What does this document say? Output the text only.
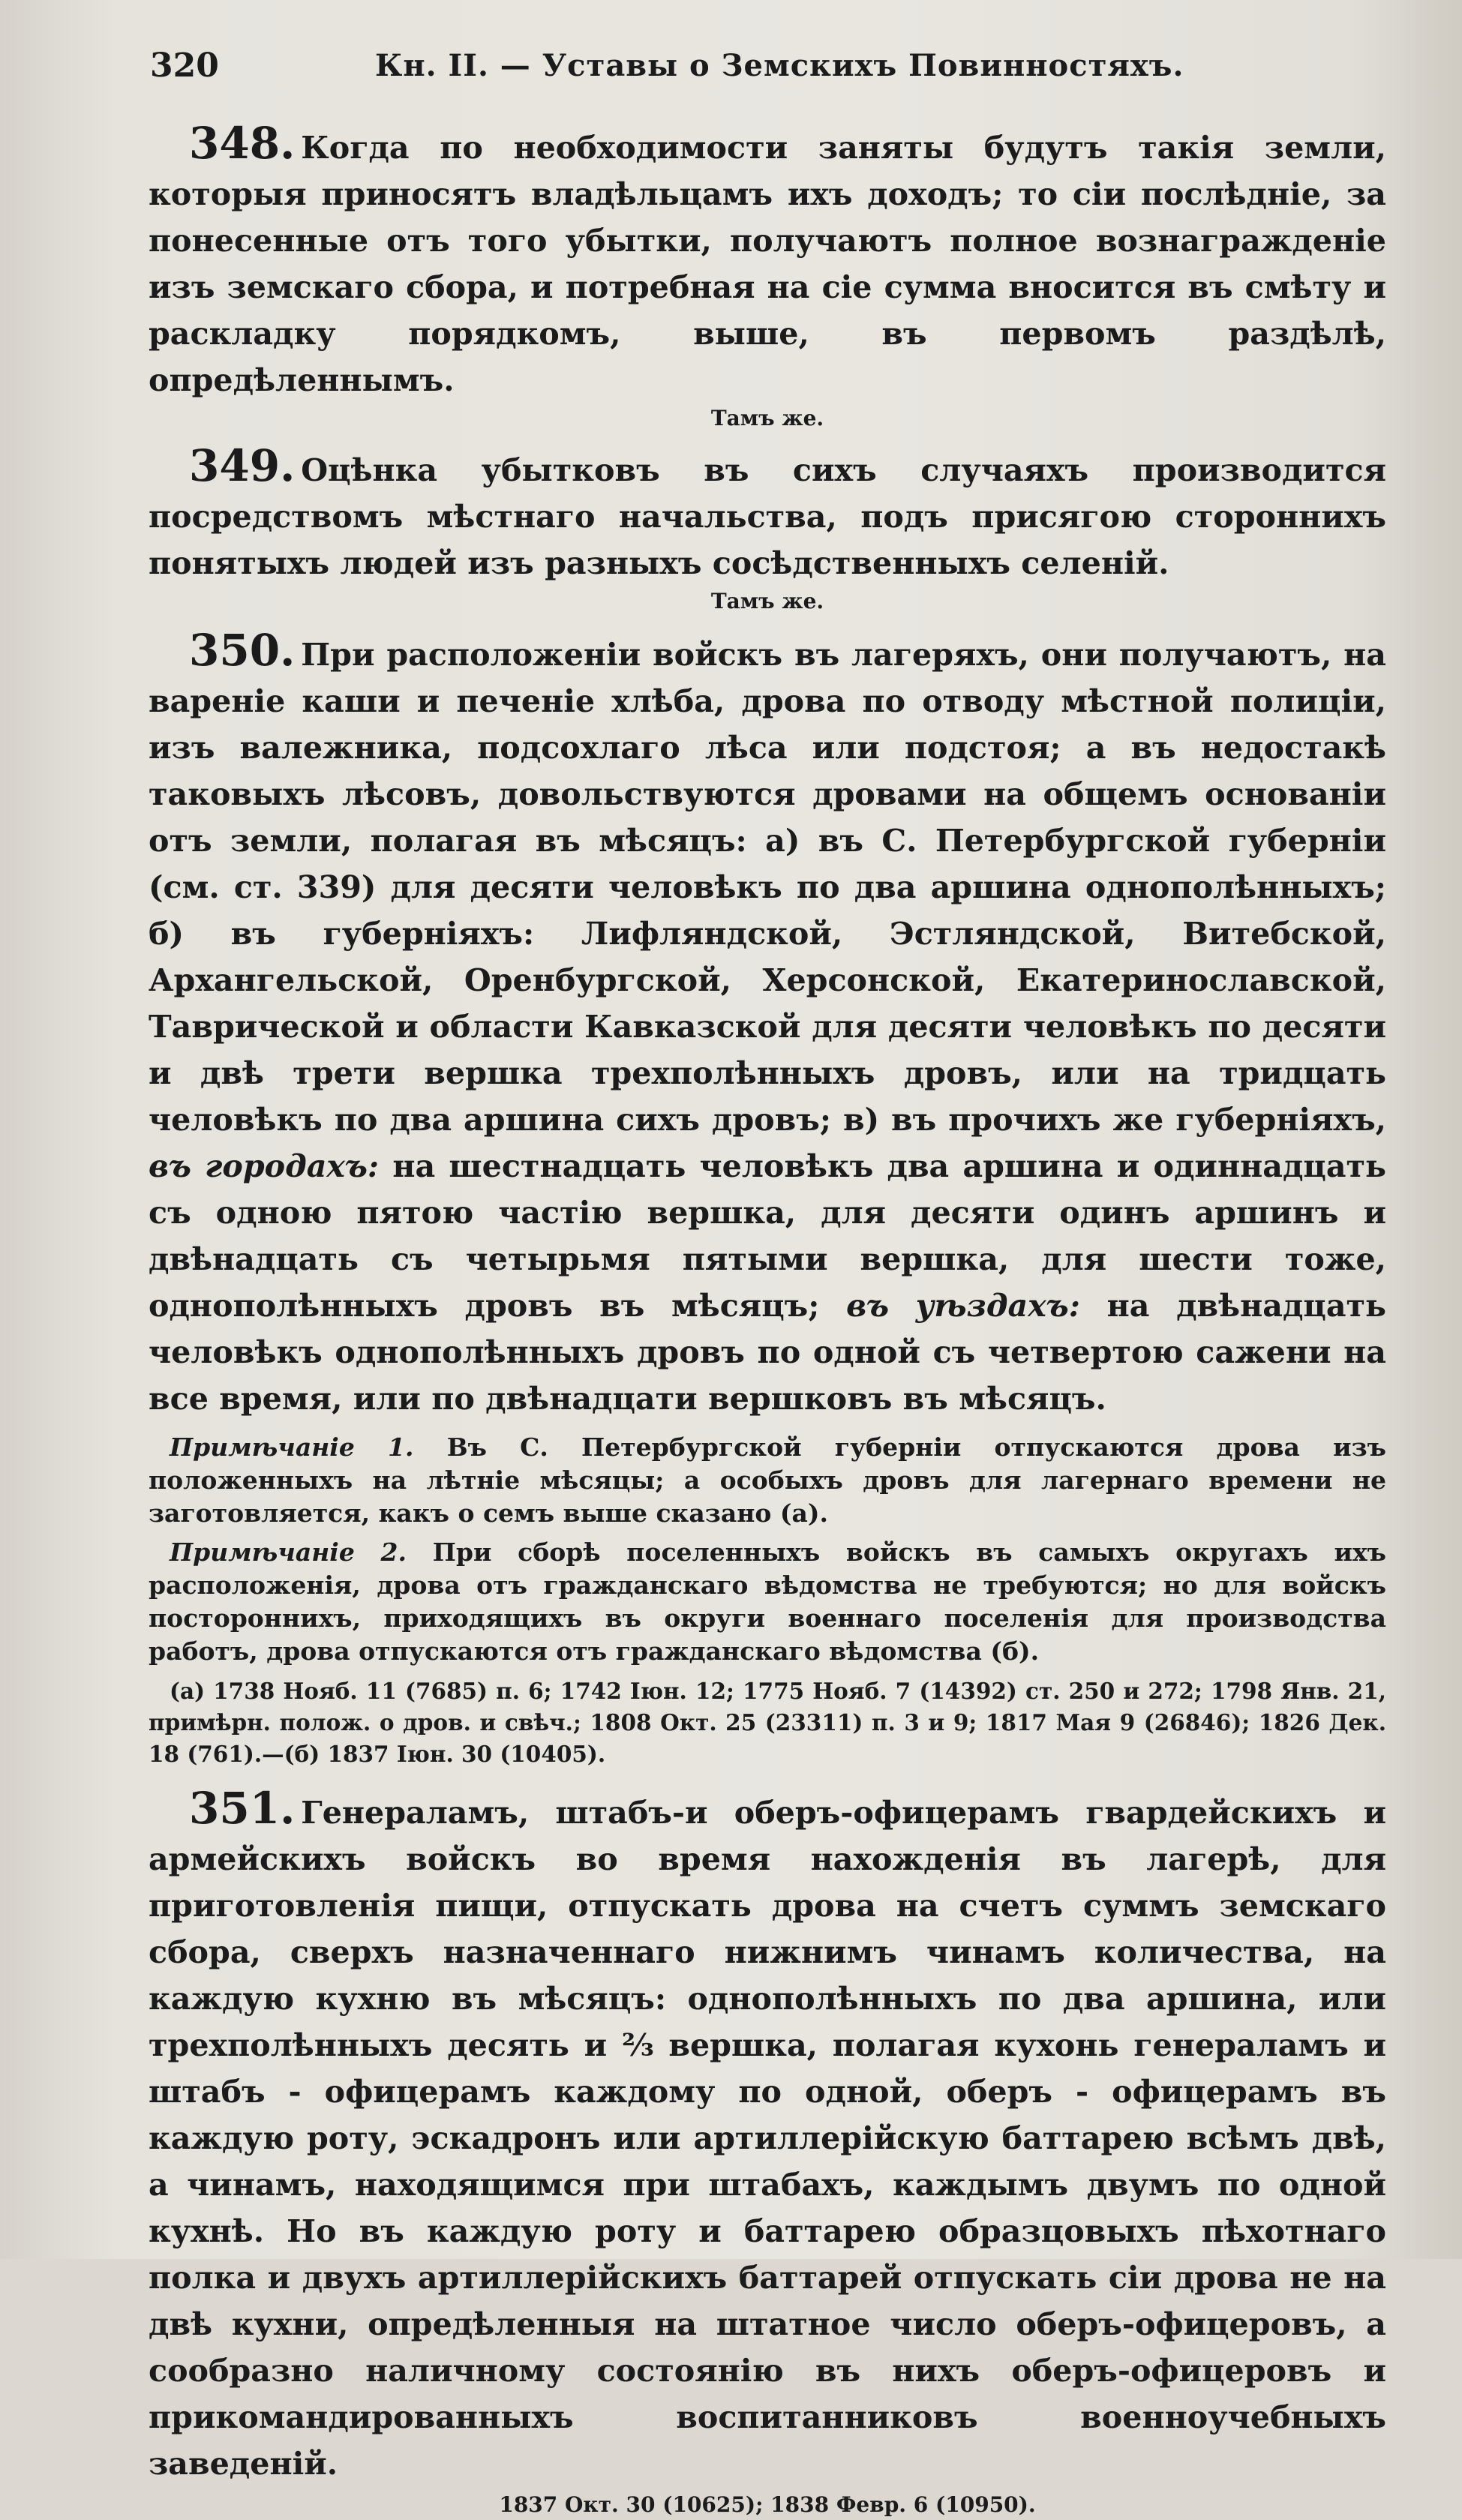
320	Кн. II. — Уставы о Земскихъ Повинностяхъ.

348. Когда по необходимости заняты будутъ такія земли, которыя приносятъ владѣльцамъ ихъ доходъ; то сіи послѣдніе, за понесенные отъ того убытки, получаютъ полное вознагражденіе изъ земскаго сбора, и потребная на сіе сумма вносится въ смѣту и раскладку порядкомъ, выше, въ первомъ раздѣлѣ, опредѣленнымъ.

Тамъ же.

349. Оцѣнка убытковъ въ сихъ случаяхъ производится посредствомъ мѣстнаго начальства, подъ присягою стороннихъ понятыхъ людей изъ разныхъ сосѣдственныхъ селеній.

Тамъ же.

350. При расположеніи войскъ въ лагеряхъ, они получаютъ, на вареніе каши и печеніе хлѣба, дрова по отводу мѣстной полиціи, изъ валежника, подсохлаго лѣса или подстоя; а въ недостакѣ таковыхъ лѣсовъ, довольствуются дровами на общемъ основаніи отъ земли, полагая въ мѣсяцъ: а) въ С. Петербургской губерніи (см. ст. 339) для десяти человѣкъ по два аршина однополѣнныхъ; б) въ губерніяхъ: Лифляндской, Эстляндской, Витебской, Архангельской, Оренбургской, Херсонской, Екатеринославской, Таврической и области Кавказской для десяти человѣкъ по десяти и двѣ трети вершка трехполѣнныхъ дровъ, или на тридцать человѣкъ по два аршина сихъ дровъ; в) въ прочихъ же губерніяхъ, въ городахъ: на шестнадцать человѣкъ два аршина и одиннадцать съ одною пятою частію вершка, для десяти одинъ аршинъ и двѣнадцать съ четырьмя пятыми вершка, для шести тоже, однополѣнныхъ дровъ въ мѣсяцъ; въ уѣздахъ: на двѣнадцать человѣкъ однополѣнныхъ дровъ по одной съ четвертою сажени на все время, или по двѣнадцати вершковъ въ мѣсяцъ.

Примѣчаніе 1. Въ С. Петербургской губерніи отпускаются дрова изъ положенныхъ на лѣтніе мѣсяцы; а особыхъ дровъ для лагернаго времени не заготовляется, какъ о семъ выше сказано (а).

Примѣчаніе 2. При сборѣ поселенныхъ войскъ въ самыхъ округахъ ихъ расположенія, дрова отъ гражданскаго вѣдомства не требуются; но для войскъ постороннихъ, приходящихъ въ округи военнаго поселенія для производства работъ, дрова отпускаются отъ гражданскаго вѣдомства (б).

(а) 1738 Нояб. 11 (7685) п. 6; 1742 Іюн. 12; 1775 Нояб. 7 (14392) ст. 250 и 272; 1798 Янв. 21, примѣрн. полож. о дров. и свѣч.; 1808 Окт. 25 (23311) п. 3 и 9; 1817 Мая 9 (26846); 1826 Дек. 18 (761).—(б) 1837 Іюн. 30 (10405).

351. Генераламъ, штабъ-и оберъ-офицерамъ гвардейскихъ и армейскихъ войскъ во время нахожденія въ лагерѣ, для приготовленія пищи, отпускать дрова на счетъ суммъ земскаго сбора, сверхъ назначеннаго нижнимъ чинамъ количества, на каждую кухню въ мѣсяцъ: однополѣнныхъ по два аршина, или трехполѣнныхъ десять и ⅔ вершка, полагая кухонь генераламъ и штабъ - офицерамъ каждому по одной, оберъ - офицерамъ въ каждую роту, эскадронъ или артиллерійскую баттарею всѣмъ двѣ, а чинамъ, находящимся при штабахъ, каждымъ двумъ по одной кухнѣ. Но въ каждую роту и баттарею образцовыхъ пѣхотнаго полка и двухъ артиллерійскихъ баттарей отпускать сіи дрова не на двѣ кухни, опредѣленныя на штатное число оберъ-офицеровъ, а сообразно наличному состоянію въ нихъ оберъ-офицеровъ и прикомандированныхъ воспитанниковъ военноучебныхъ заведеній.

1837 Окт. 30 (10625); 1838 Февр. 6 (10950).
